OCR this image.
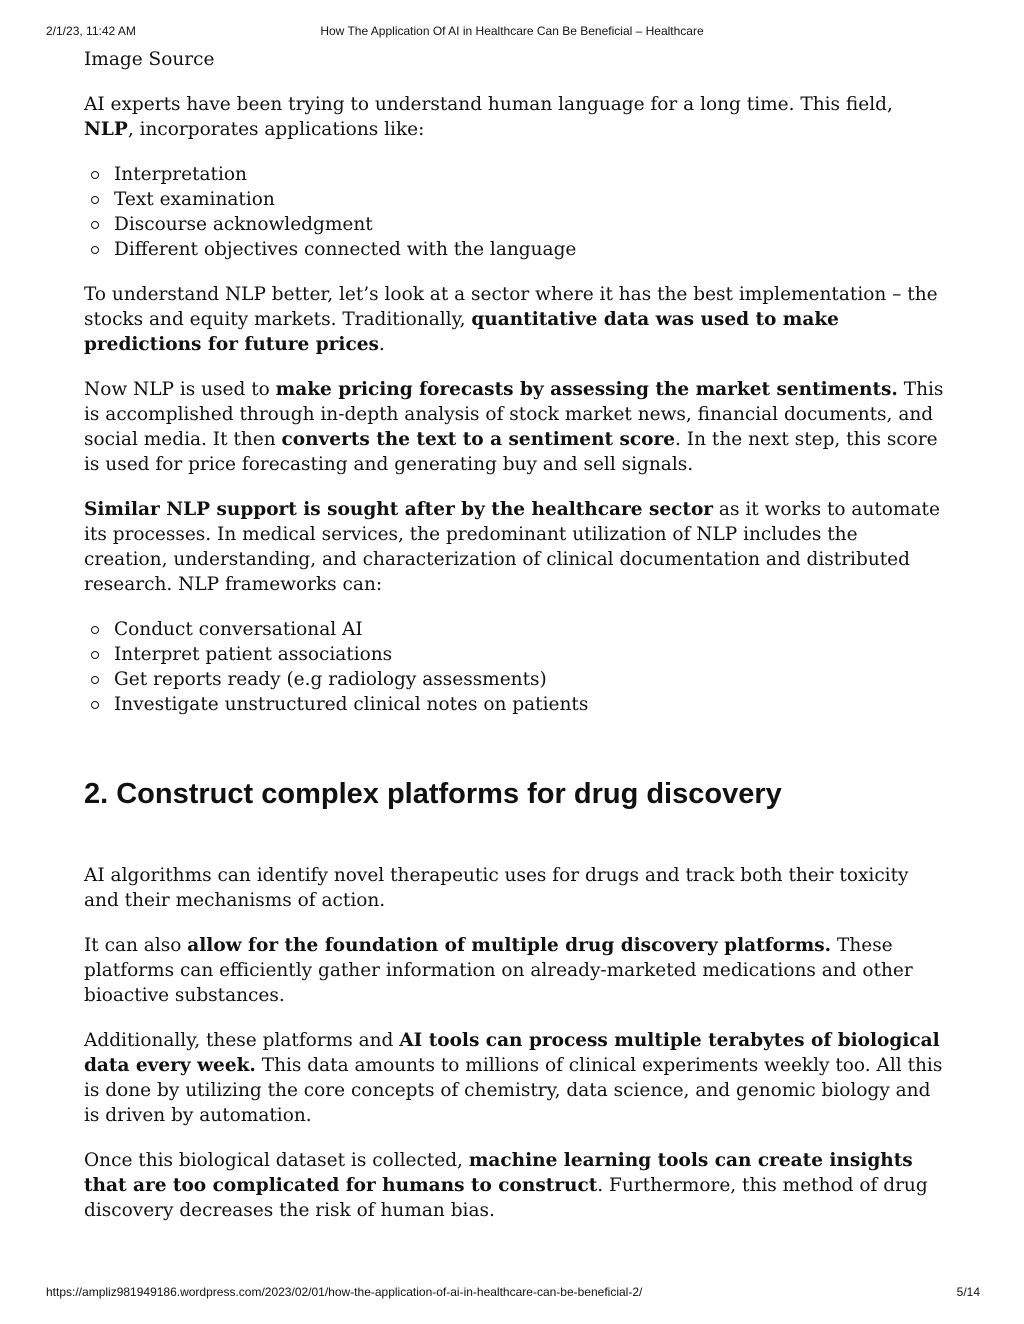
How The Application Of AI in Healthcare Can Be Beneficial – Healthcare
2/1/23, 11:42 AM

Image Source

AI experts have been trying to understand human language for a long time. This field, NLP, incorporates applications like:

Interpretation
Text examination
Discourse acknowledgment
Different objectives connected with the language

To understand NLP better, let’s look at a sector where it has the best implementation – the stocks and equity markets. Traditionally, quantitative data was used to make predictions for future prices.

Now NLP is used to make pricing forecasts by assessing the market sentiments. This is accomplished through in-depth analysis of stock market news, financial documents, and social media. It then converts the text to a sentiment score. In the next step, this score is used for price forecasting and generating buy and sell signals.

Similar NLP support is sought after by the healthcare sector as it works to automate its processes. In medical services, the predominant utilization of NLP includes the creation, understanding, and characterization of clinical documentation and distributed research. NLP frameworks can:

Conduct conversational AI
Interpret patient associations
Get reports ready (e.g radiology assessments)
Investigate unstructured clinical notes on patients
2. Construct complex platforms for drug discovery

AI algorithms can identify novel therapeutic uses for drugs and track both their toxicity and their mechanisms of action.

It can also allow for the foundation of multiple drug discovery platforms. These platforms can efficiently gather information on already-marketed medications and other bioactive substances.

Additionally, these platforms and AI tools can process multiple terabytes of biological data every week. This data amounts to millions of clinical experiments weekly too. All this is done by utilizing the core concepts of chemistry, data science, and genomic biology and is driven by automation.

Once this biological dataset is collected, machine learning tools can create insights that are too complicated for humans to construct. Furthermore, this method of drug discovery decreases the risk of human bias.

https://ampliz981949186.wordpress.com/2023/02/01/how-the-application-of-ai-in-healthcare-can-be-beneficial-2/	5/14
